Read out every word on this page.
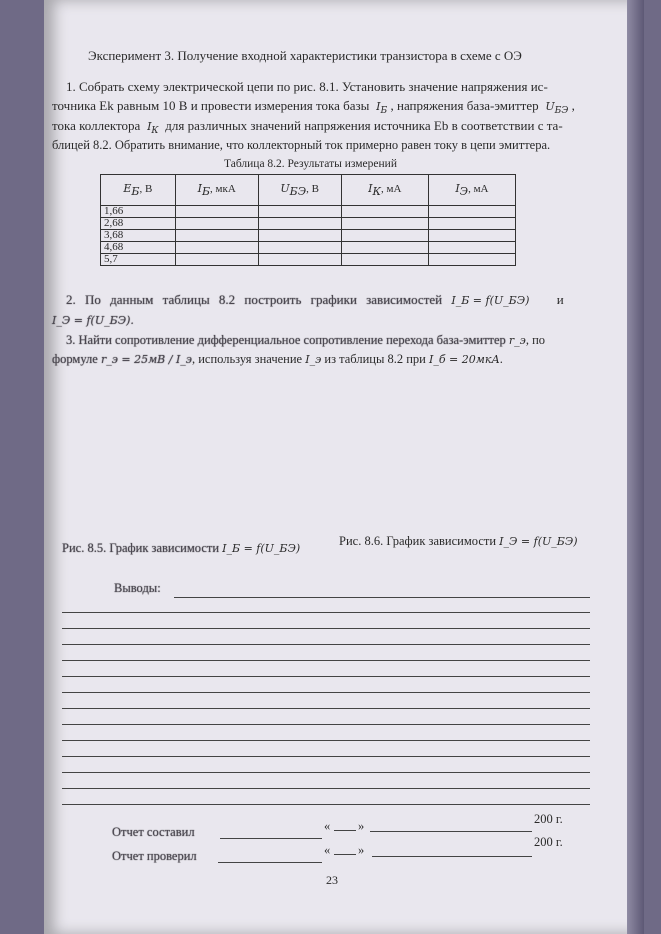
Эксперимент 3. Получение входной характеристики транзистора в схеме с ОЭ
1. Собрать схему электрической цепи по рис. 8.1. Установить значение напряжения ис-
точника Ek равным 10 В и провести измерения тока базы $I_Б$ , напряжения база-эмиттер $U_{БЭ}$ ,
тока коллектора $I_К$ для различных значений напряжения источника Eb в соответствии с та-
блицей 8.2. Обратить внимание, что коллекторный ток примерно равен току в цепи эмиттера.
Таблица 8.2. Результаты измерений
$E_Б$, В	$I_Б$, мкА	$U_{БЭ}$, В	$I_К$, мА	$I_Э$, мА
1,66				
2,68				
3,68				
4,68				
5,7				
2. По данным таблицы 8.2 построить графики зависимостей I_Б = f(U_БЭ) и
I_Э = f(U_БЭ).
3. Найти сопротивление дифференциальное сопротивление перехода база-эмиттер r_э, по
формуле r_э = 25мВ / I_э, используя значение I_э из таблицы 8.2 при I_б = 20мкА.
Рис. 8.5. График зависимости I_Б = f(U_БЭ)
Рис. 8.6. График зависимости I_Э = f(U_БЭ)
Выводы:
Отчет составил	« »	200 г.
Отчет проверил	« »
200 г.
23
